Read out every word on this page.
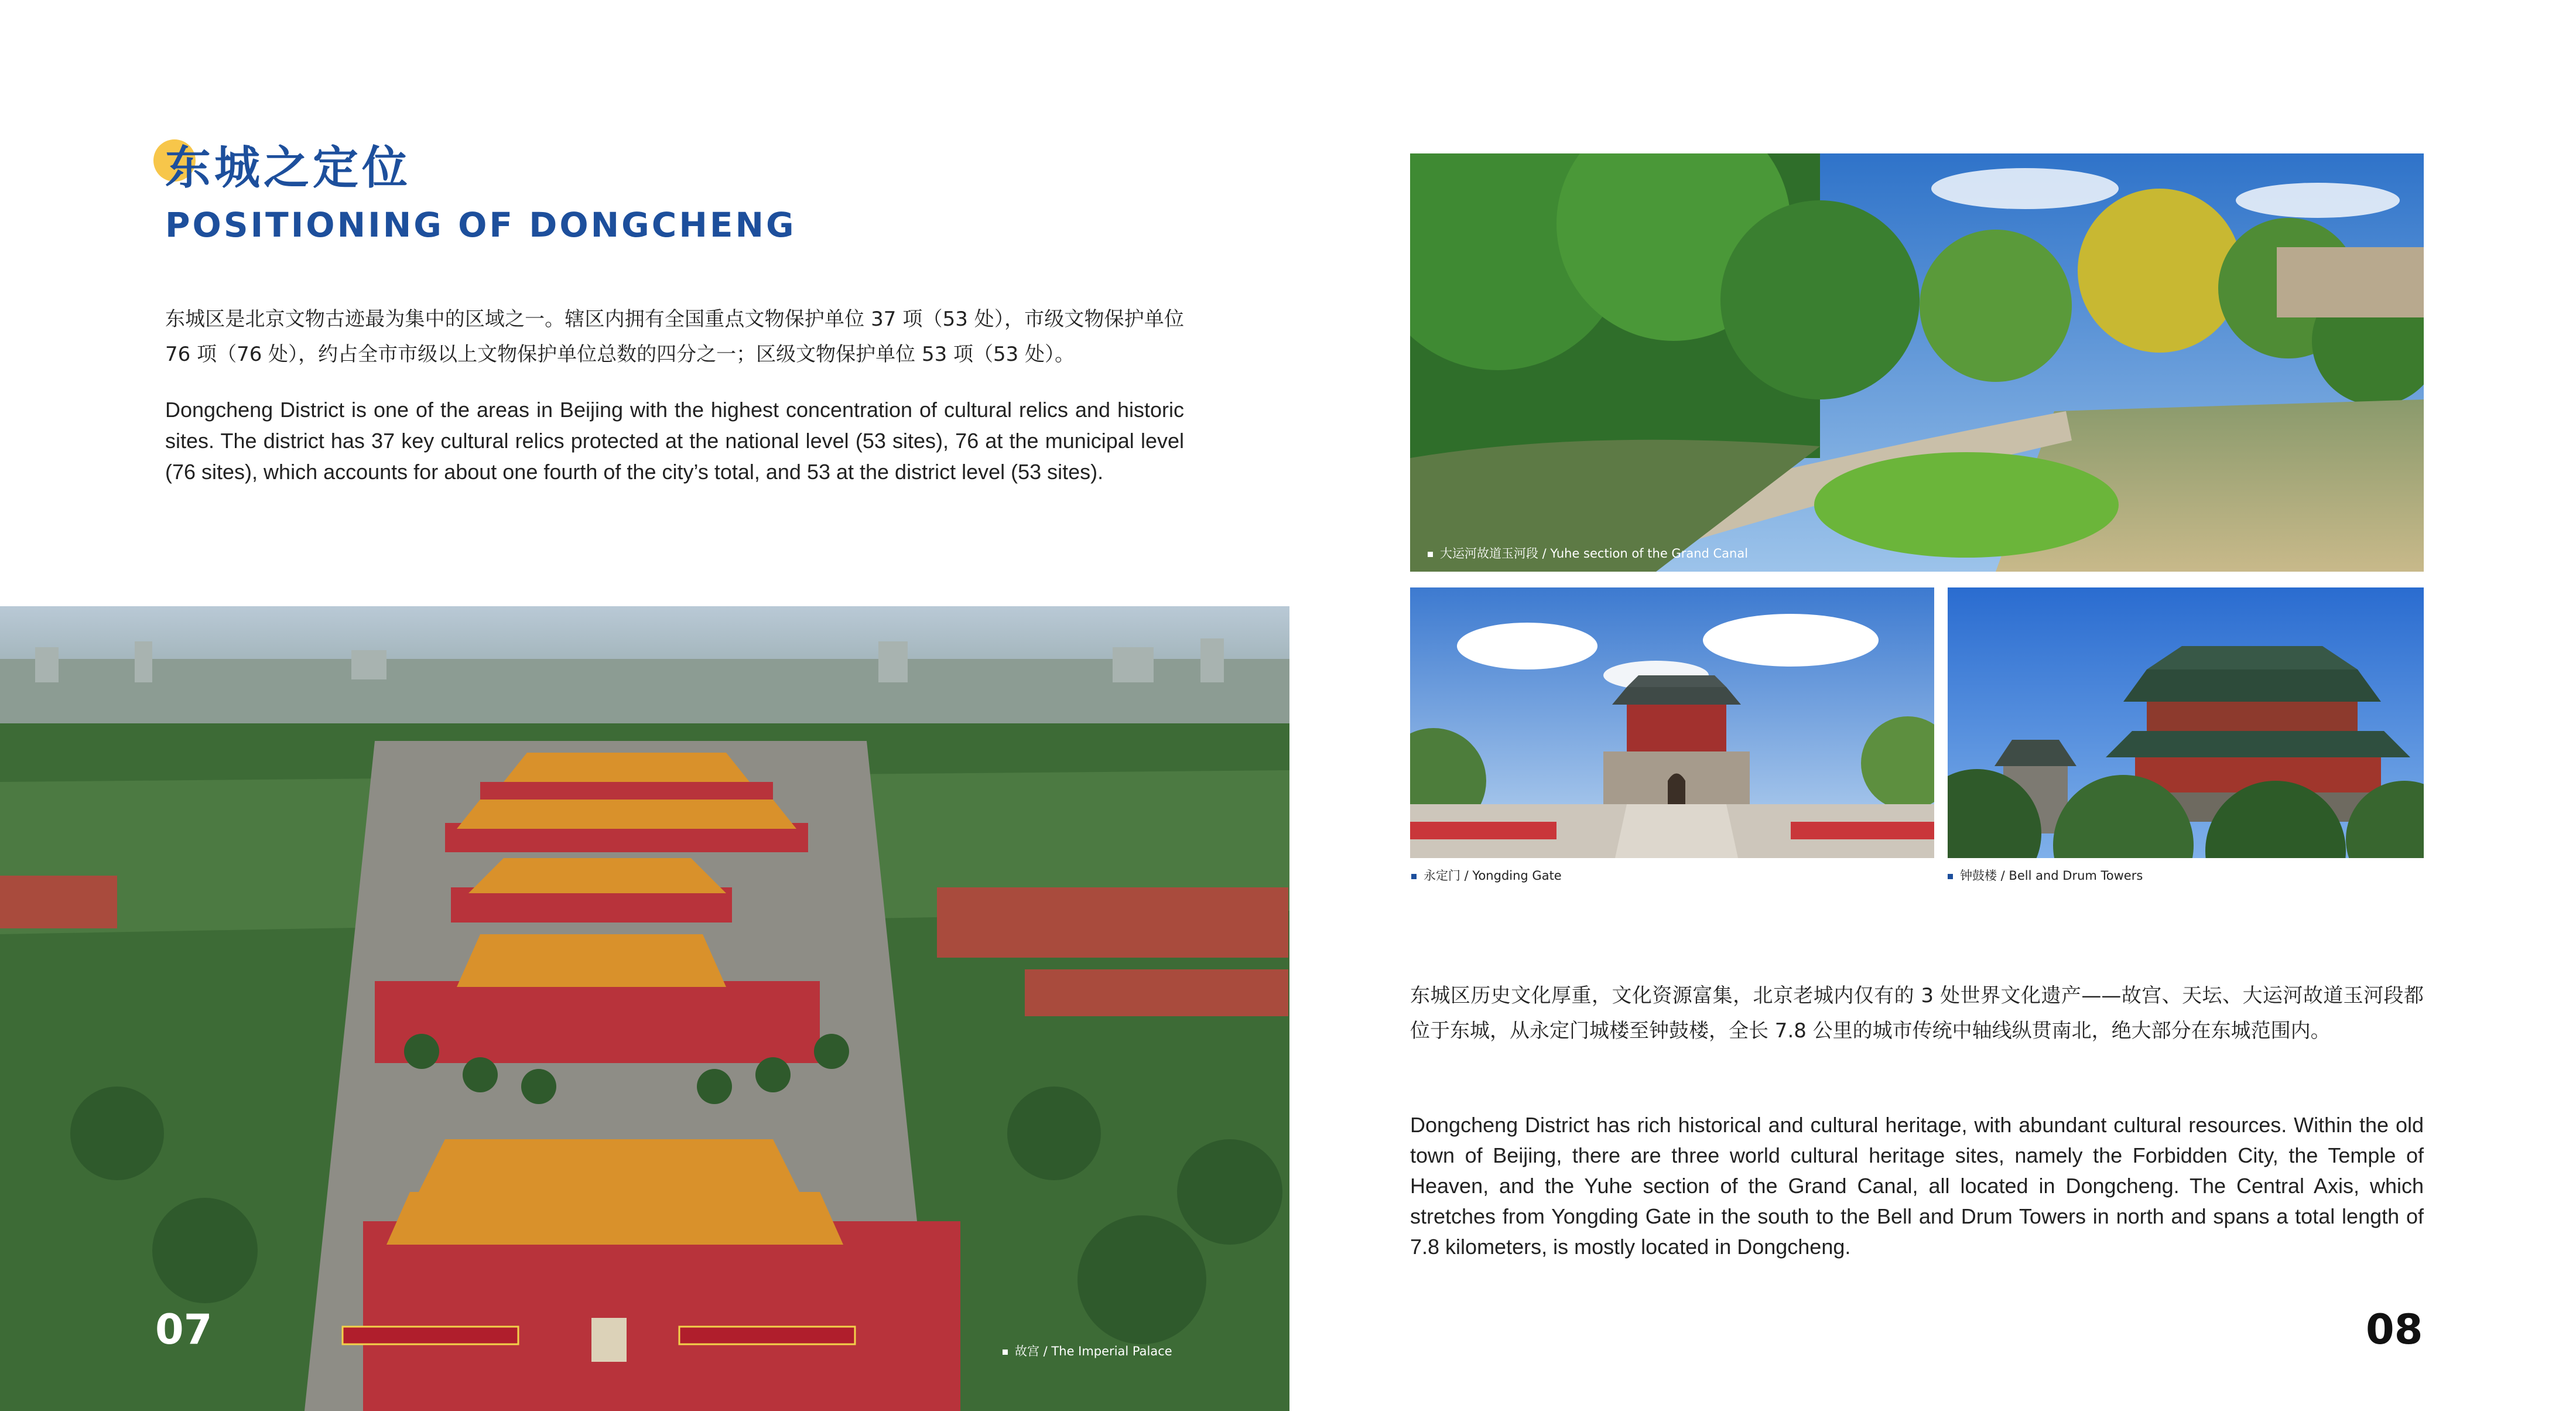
东城之定位
POSITIONING OF DONGCHENG
东城区是北京文物古迹最为集中的区域之一。辖区内拥有全国重点文物保护单位 37 项（53 处），市级文物保护单位 76 项（76 处），约占全市市级以上文物保护单位总数的四分之一；区级文物保护单位 53 项（53 处）。
Dongcheng District is one of the areas in Beijing with the highest concentration of cultural relics and historic sites. The district has 37 key cultural relics protected at the national level (53 sites), 76 at the municipal level (76 sites), which accounts for about one fourth of the city’s total, and 53 at the district level (53 sites).
故宫 / The Imperial Palace
07
大运河故道玉河段 / Yuhe section of the Grand Canal
永定门 / Yongding Gate	钟鼓楼 / Bell and Drum Towers
东城区历史文化厚重，文化资源富集，北京老城内仅有的 3 处世界文化遗产——故宫、天坛、大运河故道玉河段都位于东城，从永定门城楼至钟鼓楼，全长 7.8 公里的城市传统中轴线纵贯南北，绝大部分在东城范围内。
Dongcheng District has rich historical and cultural heritage, with abundant cultural resources. Within the old town of Beijing, there are three world cultural heritage sites, namely the Forbidden City, the Temple of Heaven, and the Yuhe section of the Grand Canal, all located in Dongcheng. The Central Axis, which stretches from Yongding Gate in the south to the Bell and Drum Towers in north and spans a total length of 7.8 kilometers, is mostly located in Dongcheng.
08
